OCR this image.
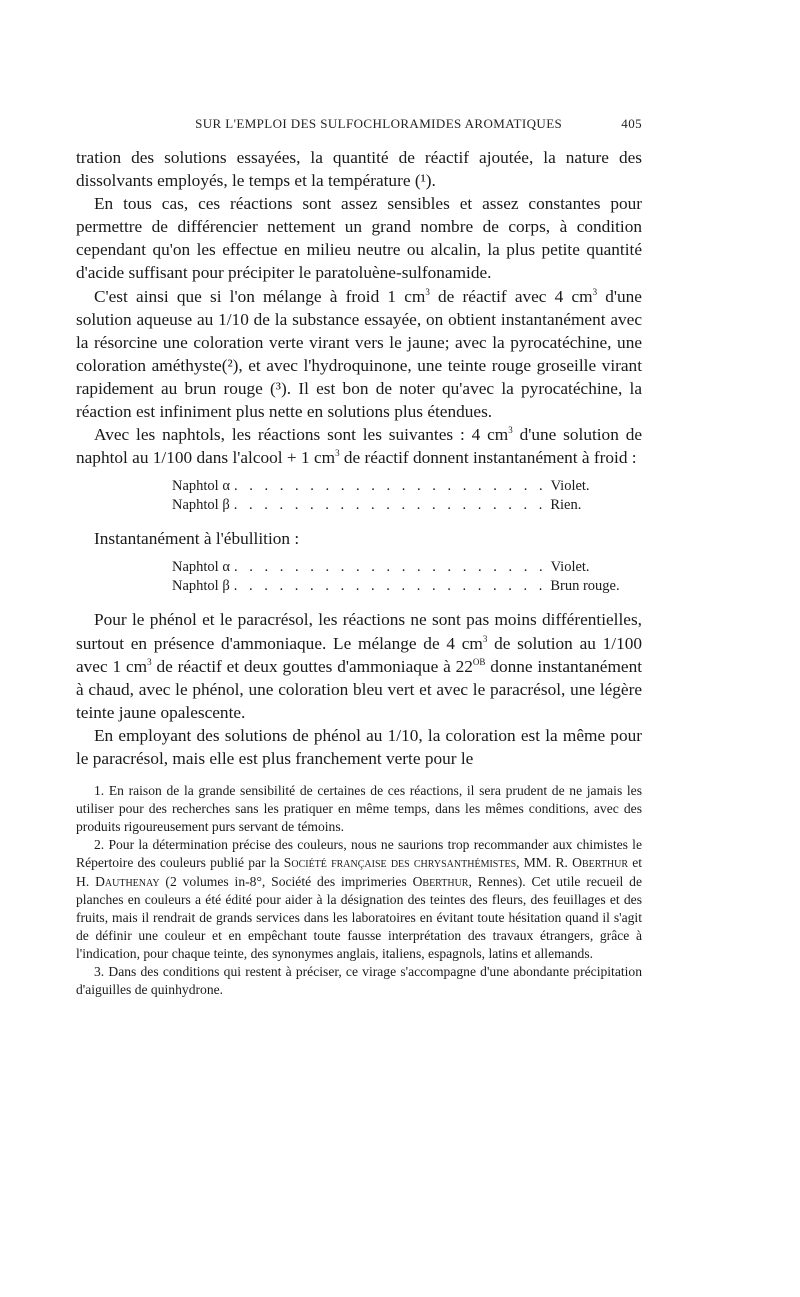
SUR L'EMPLOI DES SULFOCHLORAMIDES AROMATIQUES	405

tration des solutions essayées, la quantité de réactif ajoutée, la nature des dissolvants employés, le temps et la température (¹).

En tous cas, ces réactions sont assez sensibles et assez constantes pour permettre de différencier nettement un grand nombre de corps, à condition cependant qu'on les effectue en milieu neutre ou alcalin, la plus petite quantité d'acide suffisant pour précipiter le paratoluène-sulfonamide.

C'est ainsi que si l'on mélange à froid 1 $cm^3$ de réactif avec 4 $cm^3$ d'une solution aqueuse au 1/10 de la substance essayée, on obtient instantanément avec la résorcine une coloration verte virant vers le jaune; avec la pyrocatéchine, une coloration améthyste(²), et avec l'hydroquinone, une teinte rouge groseille virant rapidement au brun rouge (³). Il est bon de noter qu'avec la pyrocatéchine, la réaction est infiniment plus nette en solutions plus étendues.

Avec les naphtols, les réactions sont les suivantes : 4 $cm^3$ d'une solution de naphtol au 1/100 dans l'alcool + 1 $cm^3$ de réactif donnent instantanément à froid :

Naphtol α . . . . . . . . . . . . . . . . . . . . . Violet.
Naphtol β . . . . . . . . . . . . . . . . . . . . . Rien.

Instantanément à l'ébullition :

Naphtol α . . . . . . . . . . . . . . . . . . . . . Violet.
Naphtol β . . . . . . . . . . . . . . . . . . . . . Brun rouge.

Pour le phénol et le paracrésol, les réactions ne sont pas moins différentielles, surtout en présence d'ammoniaque. Le mélange de 4 $cm^3$ de solution au 1/100 avec 1 $cm^3$ de réactif et deux gouttes d'ammoniaque à $22^{OB}$ donne instantanément à chaud, avec le phénol, une coloration bleu vert et avec le paracrésol, une légère teinte jaune opalescente.

En employant des solutions de phénol au 1/10, la coloration est la même pour le paracrésol, mais elle est plus franchement verte pour le

1. En raison de la grande sensibilité de certaines de ces réactions, il sera prudent de ne jamais les utiliser pour des recherches sans les pratiquer en même temps, dans les mêmes conditions, avec des produits rigoureusement purs servant de témoins.

2. Pour la détermination précise des couleurs, nous ne saurions trop recommander aux chimistes le Répertoire des couleurs publié par la Société française des chrysanthémistes, MM. R. Oberthur et H. Dauthenay (2 volumes in-8°, Société des imprimeries Oberthur, Rennes). Cet utile recueil de planches en couleurs a été édité pour aider à la désignation des teintes des fleurs, des feuillages et des fruits, mais il rendrait de grands services dans les laboratoires en évitant toute hésitation quand il s'agit de définir une couleur et en empêchant toute fausse interprétation des travaux étrangers, grâce à l'indication, pour chaque teinte, des synonymes anglais, italiens, espagnols, latins et allemands.

3. Dans des conditions qui restent à préciser, ce virage s'accompagne d'une abondante précipitation d'aiguilles de quinhydrone.
